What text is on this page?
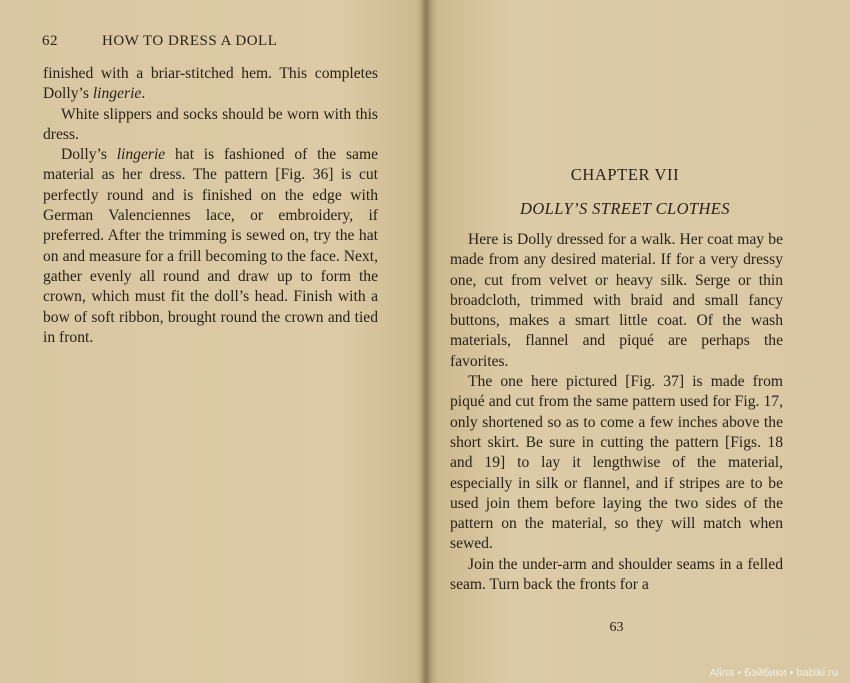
62	HOW TO DRESS A DOLL

finished with a briar-stitched hem. This completes Dolly’s lingerie.

White slippers and socks should be worn with this dress.

Dolly’s lingerie hat is fashioned of the same material as her dress. The pattern [Fig. 36] is cut perfectly round and is finished on the edge with German Valenciennes lace, or embroidery, if preferred. After the trimming is sewed on, try the hat on and measure for a frill becoming to the face. Next, gather evenly all round and draw up to form the crown, which must fit the doll’s head. Finish with a bow of soft ribbon, brought round the crown and tied in front.

CHAPTER VII
DOLLY’S STREET CLOTHES

Here is Dolly dressed for a walk. Her coat may be made from any desired material. If for a very dressy one, cut from velvet or heavy silk. Serge or thin broadcloth, trimmed with braid and small fancy buttons, makes a smart little coat. Of the wash materials, flannel and piqué are perhaps the favorites.

The one here pictured [Fig. 37] is made from piqué and cut from the same pattern used for Fig. 17, only shortened so as to come a few inches above the short skirt. Be sure in cutting the pattern [Figs. 18 and 19] to lay it lengthwise of the material, especially in silk or flannel, and if stripes are to be used join them before laying the two sides of the pattern on the material, so they will match when sewed.

Join the under-arm and shoulder seams in a felled seam. Turn back the fronts for a

63
Alina • Бэйбики • babiki.ru
